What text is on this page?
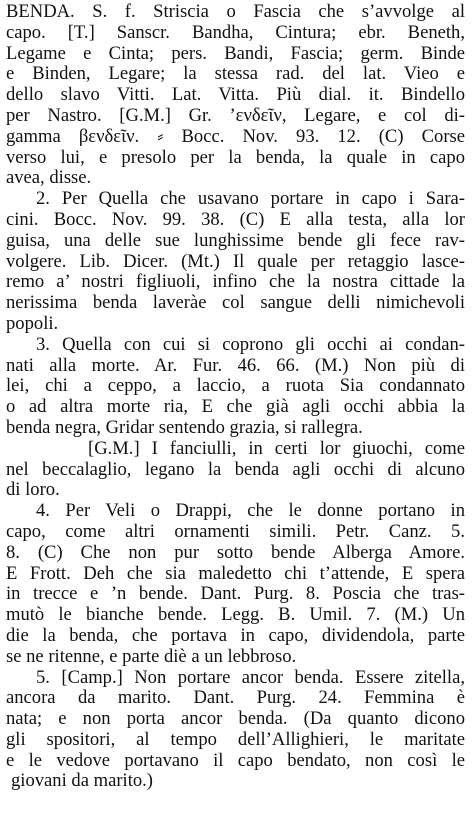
BENDA. S. f. Striscia o Fascia che s’avvolge al
capo. [T.] Sanscr. Bandha, Cintura; ebr. Beneth,
Legame e Cinta; pers. Bandi, Fascia; germ. Binde
e Binden, Legare; la stessa rad. del lat. Vieo e
dello slavo Vitti. Lat. Vitta. Più dial. it. Bindello
per Nastro. [G.M.] Gr. ’ενδεῖν, Legare, e col di-
gamma βενδεῖν. ⸗ Bocc. Nov. 93. 12. (C) Corse
verso lui, e presolo per la benda, la quale in capo
avea, disse.
2. Per Quella che usavano portare in capo i Sara-
cini. Bocc. Nov. 99. 38. (C) E alla testa, alla lor
guisa, una delle sue lunghissime bende gli fece rav-
volgere. Lib. Dicer. (Mt.) Il quale per retaggio lasce-
remo a’ nostri figliuoli, infino che la nostra cittade la
nerissima benda laveràe col sangue delli nimichevoli
popoli.
3. Quella con cui si coprono gli occhi ai condan-
nati alla morte. Ar. Fur. 46. 66. (M.) Non più di
lei, chi a ceppo, a laccio, a ruota Sia condannato
o ad altra morte ria, E che già agli occhi abbia la
benda negra, Gridar sentendo grazia, si rallegra.
[G.M.] I fanciulli, in certi lor giuochi, come
nel beccalaglio, legano la benda agli occhi di alcuno
di loro.
4. Per Veli o Drappi, che le donne portano in
capo, come altri ornamenti simili. Petr. Canz. 5.
8. (C) Che non pur sotto bende Alberga Amore.
E Frott. Deh che sia maledetto chi t’attende, E spera
in trecce e ’n bende. Dant. Purg. 8. Poscia che tras-
mutò le bianche bende. Legg. B. Umil. 7. (M.) Un
die la benda, che portava in capo, dividendola, parte
se ne ritenne, e parte diè a un lebbroso.
5. [Camp.] Non portare ancor benda. Essere zitella,
ancora da marito. Dant. Purg. 24. Femmina è
nata; e non porta ancor benda. (Da quanto dicono
gli spositori, al tempo dell’Allighieri, le maritate
e le vedove portavano il capo bendato, non così le
giovani da marito.)
